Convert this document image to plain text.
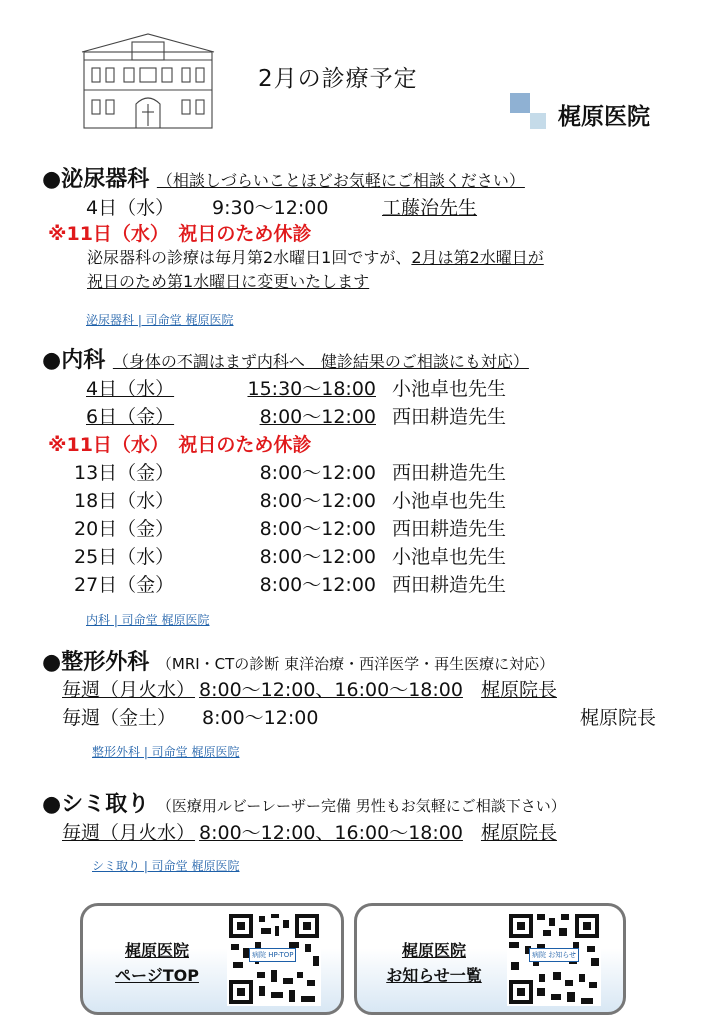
2月の診療予定
梶原医院
●泌尿器科 （相談しづらいことほどお気軽にご相談ください）
4日（水） 9:30〜12:00	工藤治先生
※11日（水）　祝日のため休診
泌尿器科の診療は毎月第2水曜日1回ですが、2月は第2水曜日が
祝日のため第1水曜日に変更いたします
泌尿器科 | 司命堂 梶原医院
●内科 （身体の不調はまず内科へ　健診結果のご相談にも対応）
4日（水）	15:30〜18:00 小池卓也先生
6日（金）	8:00〜12:00 西田耕造先生
※11日（水）　祝日のため休診
13日（金）	8:00〜12:00 西田耕造先生
18日（水）	8:00〜12:00 小池卓也先生
20日（金）	8:00〜12:00 西田耕造先生
25日（水）	8:00〜12:00 小池卓也先生
27日（金）	8:00〜12:00 西田耕造先生
内科 | 司命堂 梶原医院
●整形外科 （MRI・CTの診断 東洋治療・西洋医学・再生医療に対応）
毎週（月火水） 8:00〜12:00、16:00〜18:00 梶原院長
毎週（金土） 8:00〜12:00	梶原院長
整形外科 | 司命堂 梶原医院
●シミ取り （医療用ルビーレーザー完備 男性もお気軽にご相談下さい）
毎週（月火水） 8:00〜12:00、16:00〜18:00 梶原院長
シミ取り | 司命堂 梶原医院
梶原医院
ページTOP
病院 HP-TOP	梶原医院
お知らせ一覧
病院 お知らせ
